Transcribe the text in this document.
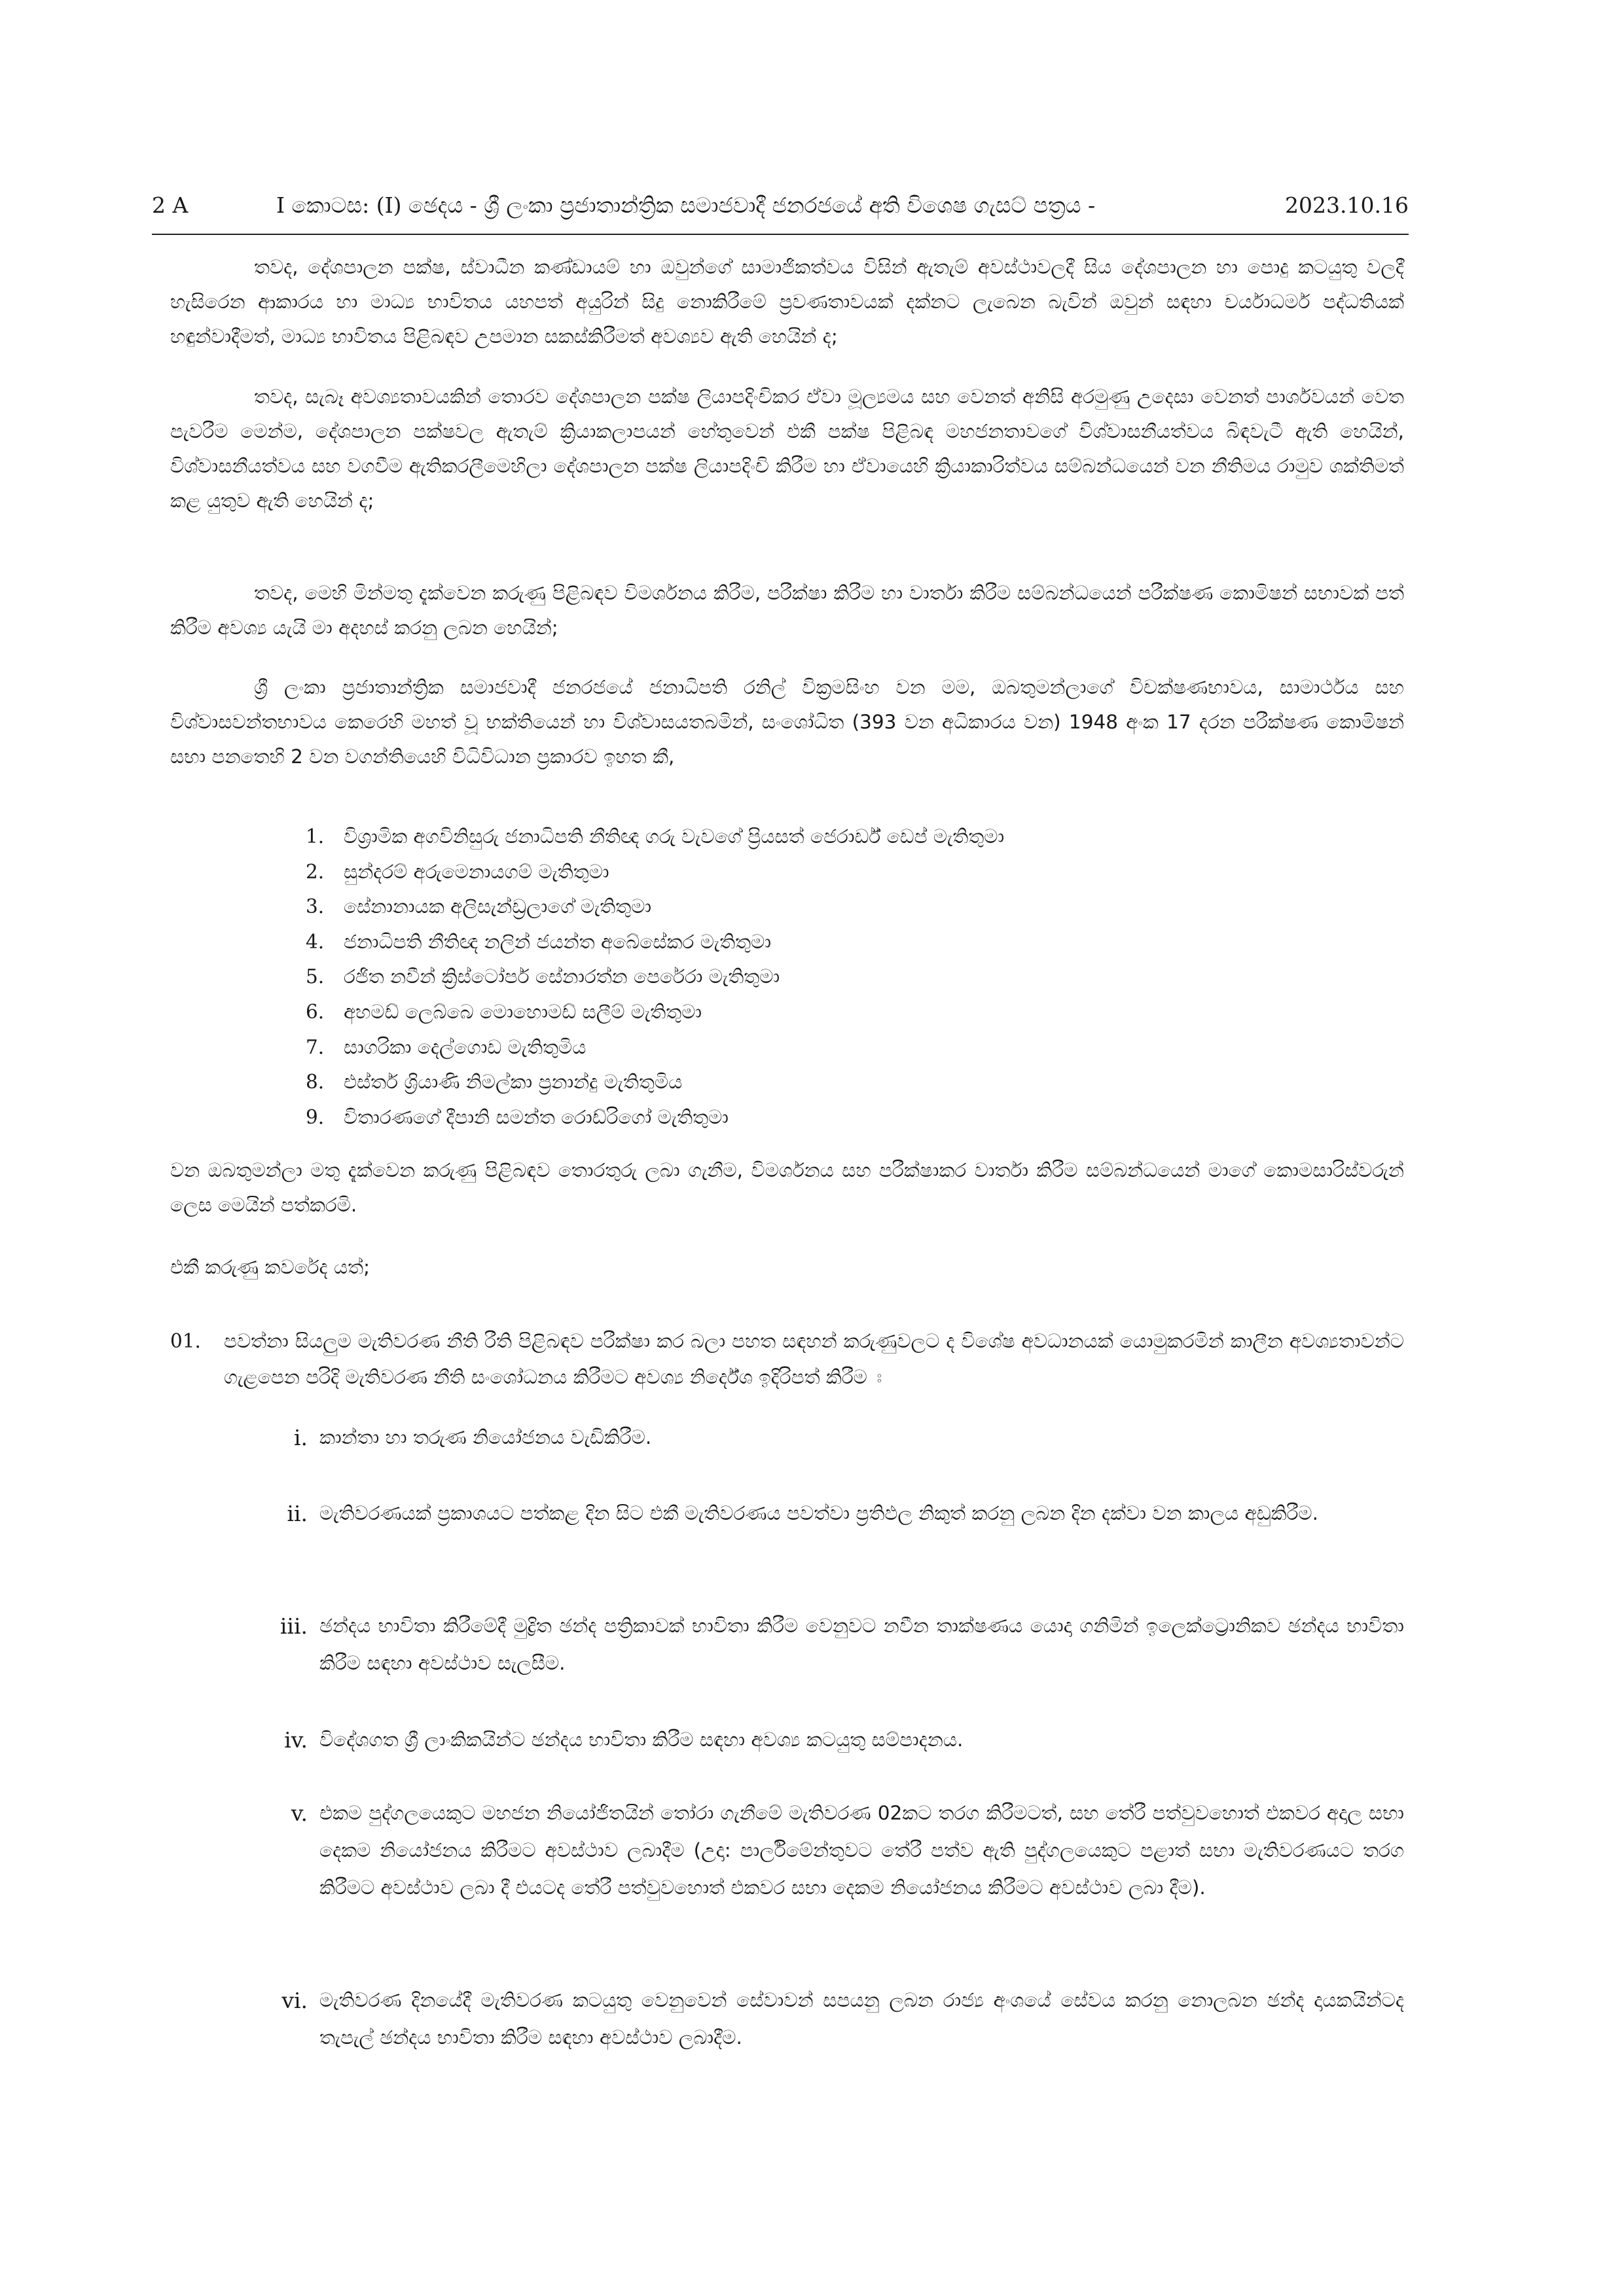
2 A	I කොටස: (I) ඡෙදය - ශ්‍රී ලංකා ප්‍රජාතාන්ත්‍රික සමාජවාදී ජනරජයේ අති විශෙෂ ගැසට් පත්‍රය -	2023.10.16

තවද, දේශපාලන පක්ෂ, ස්වාධීන කණ්ඩායම් හා ඔවුන්ගේ සාමාජිකත්වය විසින් ඇතැම් අවස්ථාවලදී සිය දේශපාලන හා පොදු කටයුතු වලදී හැසිරෙන ආකාරය හා මාධ්‍ය භාවිතය යහපත් අයුරින් සිදු නොකිරීමේ ප්‍රවණතාවයක් දක්නට ලැබෙන බැවින් ඔවුන් සඳහා චර්යාධර්ම පද්ධතියක් හඳුන්වාදීමත්, මාධ්‍ය භාවිතය පිළිබඳව උපමාන සකස්කිරීමත් අවශ්‍යව ඇති හෙයින් ද;

තවද, සැබෑ අවශ්‍යතාවයකින් තොරව දේශපාලන පක්ෂ ලියාපදිංචිකර ඒවා මූල්‍යමය සහ වෙනත් අනිසි අරමුණු උදෙසා වෙනත් පාර්ශවයන් වෙත පැවරීම මෙන්ම, දේශපාලන පක්ෂවල ඇතැම් ක්‍රියාකලාපයන් හේතුවෙන් එකී පක්ෂ පිළිබඳ මහජනතාවගේ විශ්වාසනීයත්වය බිඳවැටී ඇති හෙයින්, විශ්වාසනීයත්වය සහ වගවීම ඇතිකරලීමෙහිලා දේශපාලන පක්ෂ ලියාපදිංචි කිරීම හා ඒවායෙහි ක්‍රියාකාරිත්වය සම්බන්ධයෙන් වන නීතිමය රාමුව ශක්තිමත් කළ යුතුව ඇති හෙයින් ද;

තවද, මෙහි මින්මතු දැක්වෙන කරුණු පිළිබඳව විමර්ශනය කිරීම, පරීක්ෂා කිරීම හා වාර්තා කිරීම සම්බන්ධයෙන් පරීක්ෂණ කොමිෂන් සභාවක් පත් කිරීම අවශ්‍ය යැයි මා අදහස් කරනු ලබන හෙයින්;

ශ්‍රී ලංකා ප්‍රජාතාන්ත්‍රික සමාජවාදී ජනරජයේ ජනාධිපති රනිල් වික්‍රමසිංහ වන මම, ඔබතුමන්ලාගේ විචක්ෂණභාවය, සාමාර්ථය සහ විශ්වාසවන්තභාවය කෙරෙහි මහත් වූ භක්තියෙන් හා විශ්වාසයතබමින්, සංශෝධිත (393 වන අධිකාරය වන) 1948 අංක 17 දරන පරීක්ෂණ කොමිෂන් සභා පනතෙහි 2 වන වගන්තියෙහි විධිවිධාන ප්‍රකාරව ඉහත කී,

1. විශ්‍රාමික අගවිනිසුරු ජනාධිපති නීතිඥ ගරු වැවගේ ප්‍රියසත් ජෙරාර්ඩ් ඩෙප් මැතිතුමා
2. සුන්දරම් අරුමෙනායගම් මැතිතුමා
3. සේනානායක අලිසැන්ඩ්‍රලාගේ මැතිතුමා
4. ජනාධිපති නීතිඥ නලින් ජයන්ත අබේසේකර මැතිතුමා
5. රජිත නවීන් ක්‍රිස්ටෝපර් සේනාරත්න පෙරේරා මැතිතුමා
6. අහමඩ් ලෙබ්බෙ මොහොමඩ් සලීම් මැතිතුමා
7. සාගරිකා දෙල්ගොඩ මැතිතුමිය
8. එස්තර් ශ්‍රියාණි නිමල්කා ප්‍රනාන්දු මැතිතුමිය
9. විතාරණගේ දීපානි සමන්ත රොඩ්රිගෝ මැතිතුමා

වන ඔබතුමන්ලා මතු දැක්වෙන කරුණු පිළිබඳව තොරතුරු ලබා ගැනීම, විමර්ශනය සහ පරීක්ෂාකර වාර්තා කිරීම සම්බන්ධයෙන් මාගේ කොමසාරිස්වරුන් ලෙස මෙයින් පත්කරමි.

එකී කරුණු කවරේද යත්;

01. පවත්නා සියලුම මැතිවරණ නීති රීති පිළිබඳව පරීක්ෂා කර බලා පහත සඳහන් කරුණුවලට ද විශේෂ අවධානයක් යොමුකරමින් කාලීන අවශ්‍යතාවන්ට ගැළපෙන පරිදි මැතිවරණ නීති සංශෝධනය කිරීමට අවශ්‍ය නිර්දේශ ඉදිරිපත් කිරීම ඃ
i. කාන්තා හා තරුණ නියෝජනය වැඩිකිරීම.
ii. මැතිවරණයක් ප්‍රකාශයට පත්කළ දින සිට එකී මැතිවරණය පවත්වා ප්‍රතිඵල නිකුත් කරනු ලබන දින දක්වා වන කාලය අඩුකිරීම.
iii. ඡන්දය භාවිතා කිරීමේදී මුද්‍රිත ඡන්ද පත්‍රිකාවක් භාවිතා කිරීම වෙනුවට නවීන තාක්ෂණය යොදා ගනිමින් ඉලෙක්ට්‍රොනිකව ඡන්දය භාවිතා කිරීම සඳහා අවස්ථාව සැලසීම.
iv. විදේශගත ශ්‍රී ලාංකිකයින්ට ඡන්දය භාවිතා කිරීම සඳහා අවශ්‍ය කටයුතු සම්පාදනය.
v. එකම පුද්ගලයෙකුට මහජන නියෝජිතයින් තෝරා ගැනීමේ මැතිවරණ 02කට තරග කිරීමටත්, සහ තේරී පත්වුවහොත් එකවර අදාල සභා දෙකම නියෝජනය කිරීමට අවස්ථාව ලබාදීම (උදා: පාර්ලිමේන්තුවට තේරී පත්ව ඇති පුද්ගලයෙකුට පළාත් සභා මැතිවරණයට තරග කිරීමට අවස්ථාව ලබා දී එයටද තේරී පත්වුවහොත් එකවර සභා දෙකම නියෝජනය කිරීමට අවස්ථාව ලබා දීම).
vi. මැතිවරණ දිනයේදී මැතිවරණ කටයුතු වෙනුවෙන් සේවාවන් සපයනු ලබන රාජ්‍ය අංශයේ සේවය කරනු නොලබන ඡන්ද දායකයින්ටද තැපැල් ඡන්දය භාවිතා කිරීම සඳහා අවස්ථාව ලබාදීම.
